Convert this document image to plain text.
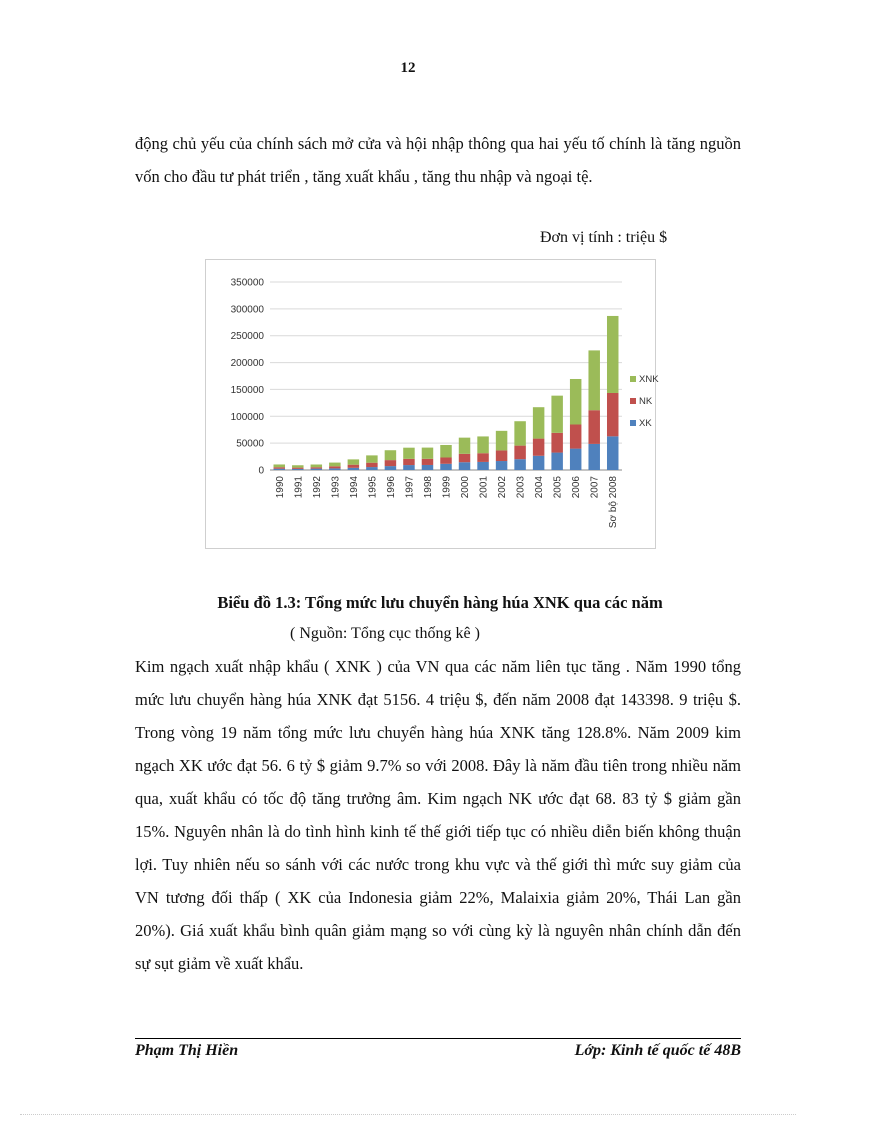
12

động chủ yếu của chính sách mở cửa và hội nhập thông qua hai yếu tố chính là tăng nguồn vốn cho đầu tư phát triển , tăng xuất khẩu , tăng thu nhập và ngoại tệ.

Đơn vị tính : triệu $
0
50000
100000
150000
200000
250000
300000
350000
1990 1991 1992 1993 1994 1995 1996 1997 1998 1999 2000 2001 2002 2003 2004 2005 2006 2007 Sơ bộ 2008
XNK
NK
XK
Biểu đồ 1.3: Tổng mức lưu chuyển hàng húa XNK qua các năm
( Nguồn: Tổng cục thống kê )

Kim ngạch xuất nhập khẩu ( XNK ) của VN qua các năm liên tục tăng . Năm 1990 tổng mức lưu chuyển hàng húa XNK đạt 5156. 4 triệu $, đến năm 2008 đạt 143398. 9 triệu $. Trong vòng 19 năm tổng mức lưu chuyển hàng húa XNK tăng 128.8%. Năm 2009 kim ngạch XK ước đạt 56. 6 tỷ $ giảm 9.7% so với 2008. Đây là năm đầu tiên trong nhiều năm qua, xuất khẩu có tốc độ tăng trưởng âm. Kim ngạch NK ước đạt 68. 83 tỷ $ giảm gần 15%. Nguyên nhân là do tình hình kinh tế thế giới tiếp tục có nhiều diễn biến không thuận lợi. Tuy nhiên nếu so sánh với các nước trong khu vực và thế giới thì mức suy giảm của VN tương đối thấp ( XK của Indonesia giảm 22%, Malaixia giảm 20%, Thái Lan gần 20%). Giá xuất khẩu bình quân giảm mạng so với cùng kỳ là nguyên nhân chính dẫn đến sự sụt giảm về xuất khẩu.

Phạm Thị Hiền	Lớp: Kinh tế quốc tế 48B
